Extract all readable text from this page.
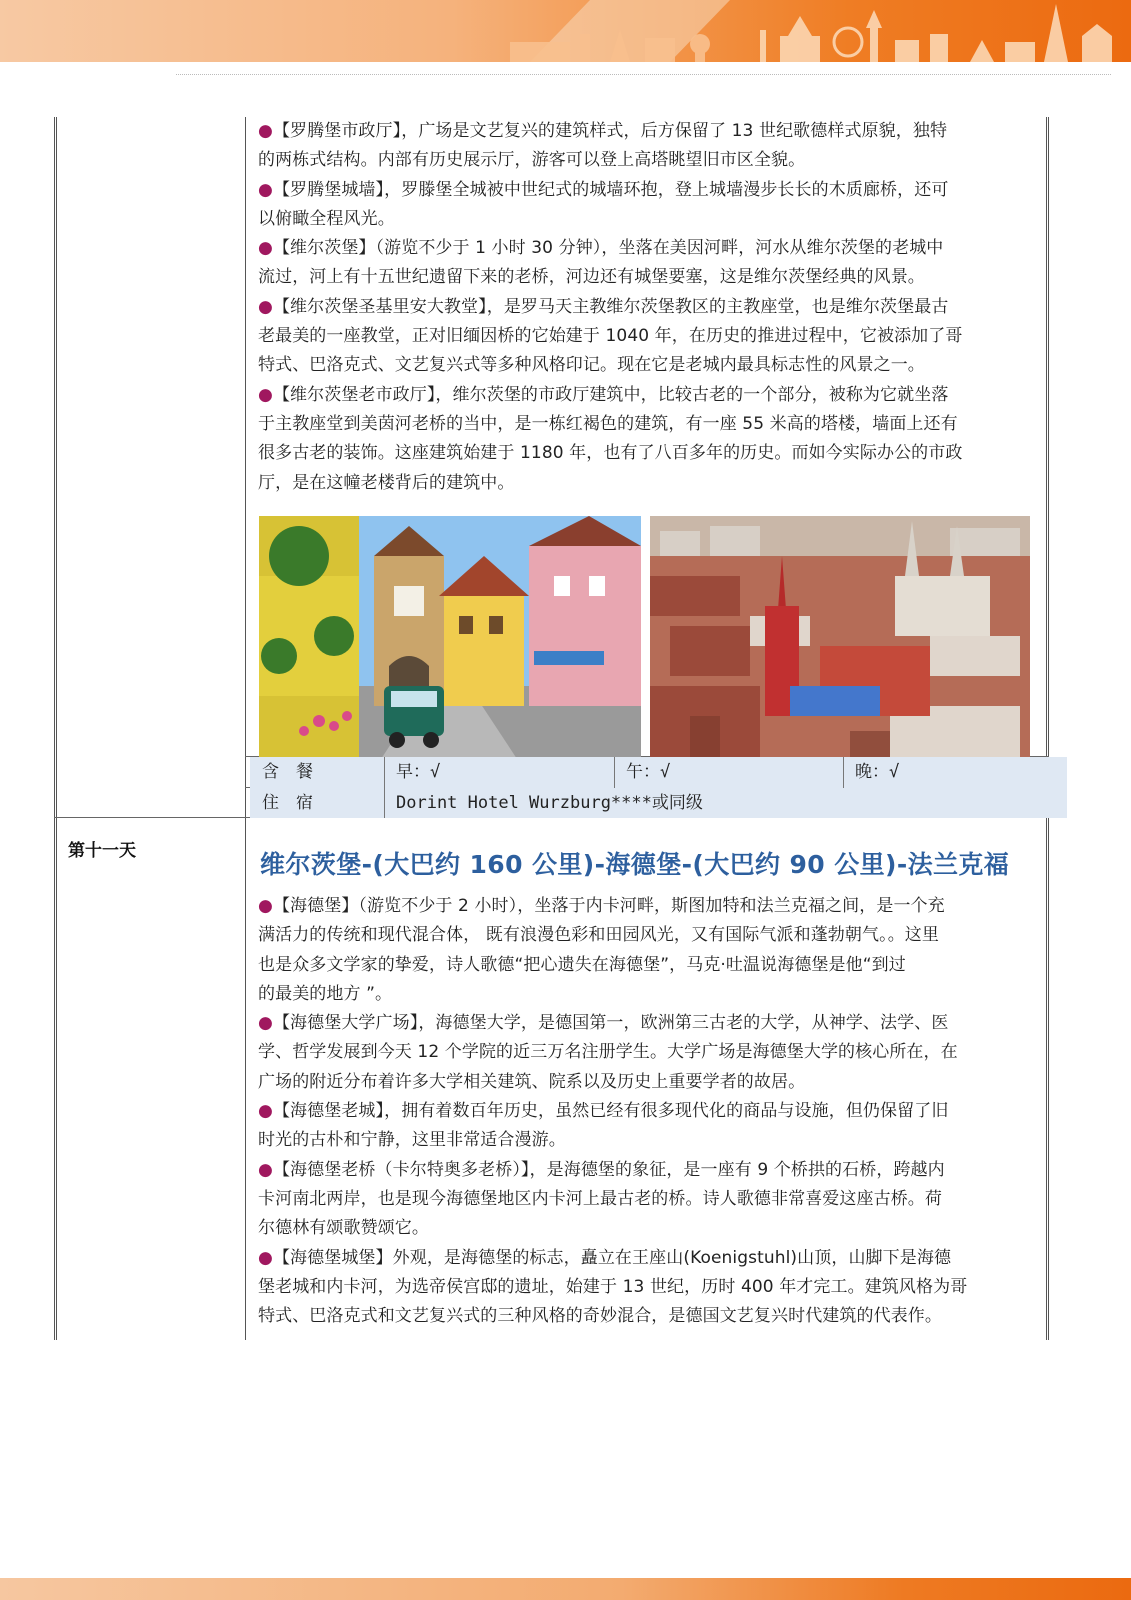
●【罗腾堡市政厅】，广场是文艺复兴的建筑样式，后方保留了 13 世纪歌德样式原貌，独特
的两栋式结构。内部有历史展示厅，游客可以登上高塔眺望旧市区全貌。
●【罗腾堡城墙】，罗滕堡全城被中世纪式的城墙环抱，登上城墙漫步长长的木质廊桥，还可
以俯瞰全程风光。
●【维尔茨堡】（游览不少于 1 小时 30 分钟），坐落在美因河畔，河水从维尔茨堡的老城中
流过，河上有十五世纪遗留下来的老桥，河边还有城堡要塞，这是维尔茨堡经典的风景。
●【维尔茨堡圣基里安大教堂】，是罗马天主教维尔茨堡教区的主教座堂，也是维尔茨堡最古
老最美的一座教堂，正对旧缅因桥的它始建于 1040 年，在历史的推进过程中，它被添加了哥
特式、巴洛克式、文艺复兴式等多种风格印记。现在它是老城内最具标志性的风景之一。
●【维尔茨堡老市政厅】，维尔茨堡的市政厅建筑中，比较古老的一个部分，被称为它就坐落
于主教座堂到美茵河老桥的当中，是一栋红褐色的建筑，有一座 55 米高的塔楼，墙面上还有
很多古老的装饰。这座建筑始建于 1180 年，也有了八百多年的历史。而如今实际办公的市政
厅，是在这幢老楼背后的建筑中。
含　餐	早：√	午：√	晚：√
住　宿	Dorint Hotel Wurzburg****或同级
第十一天	维尔茨堡-(大巴约 160 公里)-海德堡-(大巴约 90 公里)-法兰克福
●【海德堡】（游览不少于 2 小时），坐落于内卡河畔，斯图加特和法兰克福之间，是一个充
满活力的传统和现代混合体， 既有浪漫色彩和田园风光，又有国际气派和蓬勃朝气。。这里
也是众多文学家的挚爱，诗人歌德“把心遗失在海德堡”，马克·吐温说海德堡是他“到过
的最美的地方 ”。
●【海德堡大学广场】，海德堡大学，是德国第一，欧洲第三古老的大学，从神学、法学、医
学、哲学发展到今天 12 个学院的近三万名注册学生。大学广场是海德堡大学的核心所在，在
广场的附近分布着许多大学相关建筑、院系以及历史上重要学者的故居。
●【海德堡老城】，拥有着数百年历史，虽然已经有很多现代化的商品与设施，但仍保留了旧
时光的古朴和宁静，这里非常适合漫游。
●【海德堡老桥（卡尔特奥多老桥）】，是海德堡的象征，是一座有 9 个桥拱的石桥，跨越内
卡河南北两岸，也是现今海德堡地区内卡河上最古老的桥。诗人歌德非常喜爱这座古桥。荷
尔德林有颂歌赞颂它。
●【海德堡城堡】外观，是海德堡的标志，矗立在王座山(Koenigstuhl)山顶，山脚下是海德
堡老城和内卡河，为选帝侯宫邸的遗址，始建于 13 世纪，历时 400 年才完工。建筑风格为哥
特式、巴洛克式和文艺复兴式的三种风格的奇妙混合，是德国文艺复兴时代建筑的代表作。
